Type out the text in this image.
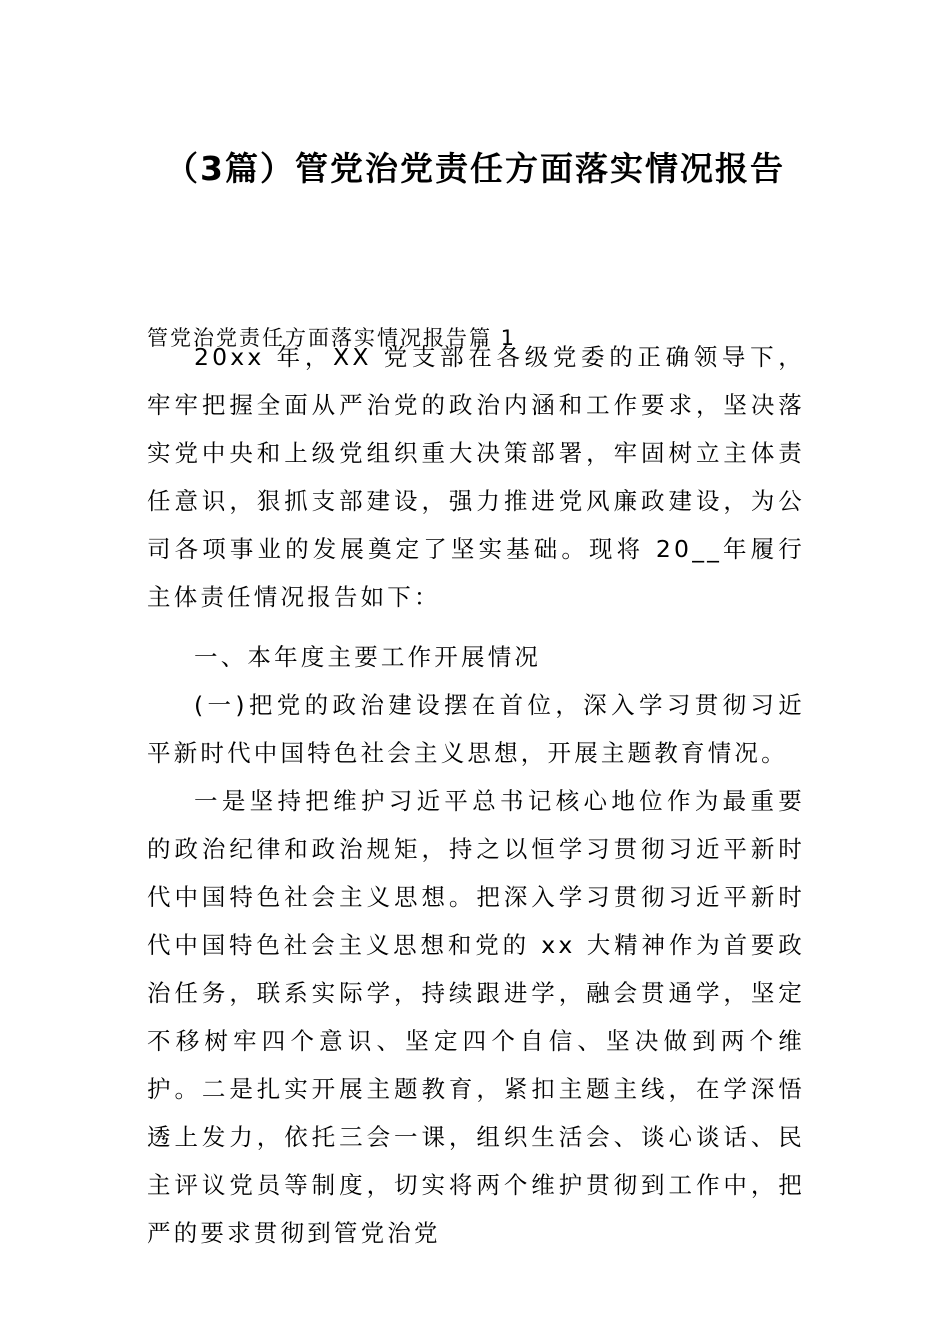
（3篇）管党治党责任方面落实情况报告
管党治党责任方面落实情况报告篇 1
20xx 年，XX 党支部在各级党委的正确领导下，牢牢把握全面从严治党的政治内涵和工作要求，坚决落实党中央和上级党组织重大决策部署，牢固树立主体责任意识，狠抓支部建设，强力推进党风廉政建设，为公司各项事业的发展奠定了坚实基础。现将 20__年履行主体责任情况报告如下：
一、本年度主要工作开展情况
(一)把党的政治建设摆在首位，深入学习贯彻习近平新时代中国特色社会主义思想，开展主题教育情况。
一是坚持把维护习近平总书记核心地位作为最重要的政治纪律和政治规矩，持之以恒学习贯彻习近平新时代中国特色社会主义思想。把深入学习贯彻习近平新时代中国特色社会主义思想和党的 xx 大精神作为首要政治任务，联系实际学，持续跟进学，融会贯通学，坚定不移树牢四个意识、坚定四个自信、坚决做到两个维护。二是扎实开展主题教育，紧扣主题主线，在学深悟透上发力，依托三会一课，组织生活会、谈心谈话、民主评议党员等制度，切实将两个维护贯彻到工作中，把严的要求贯彻到管党治党
